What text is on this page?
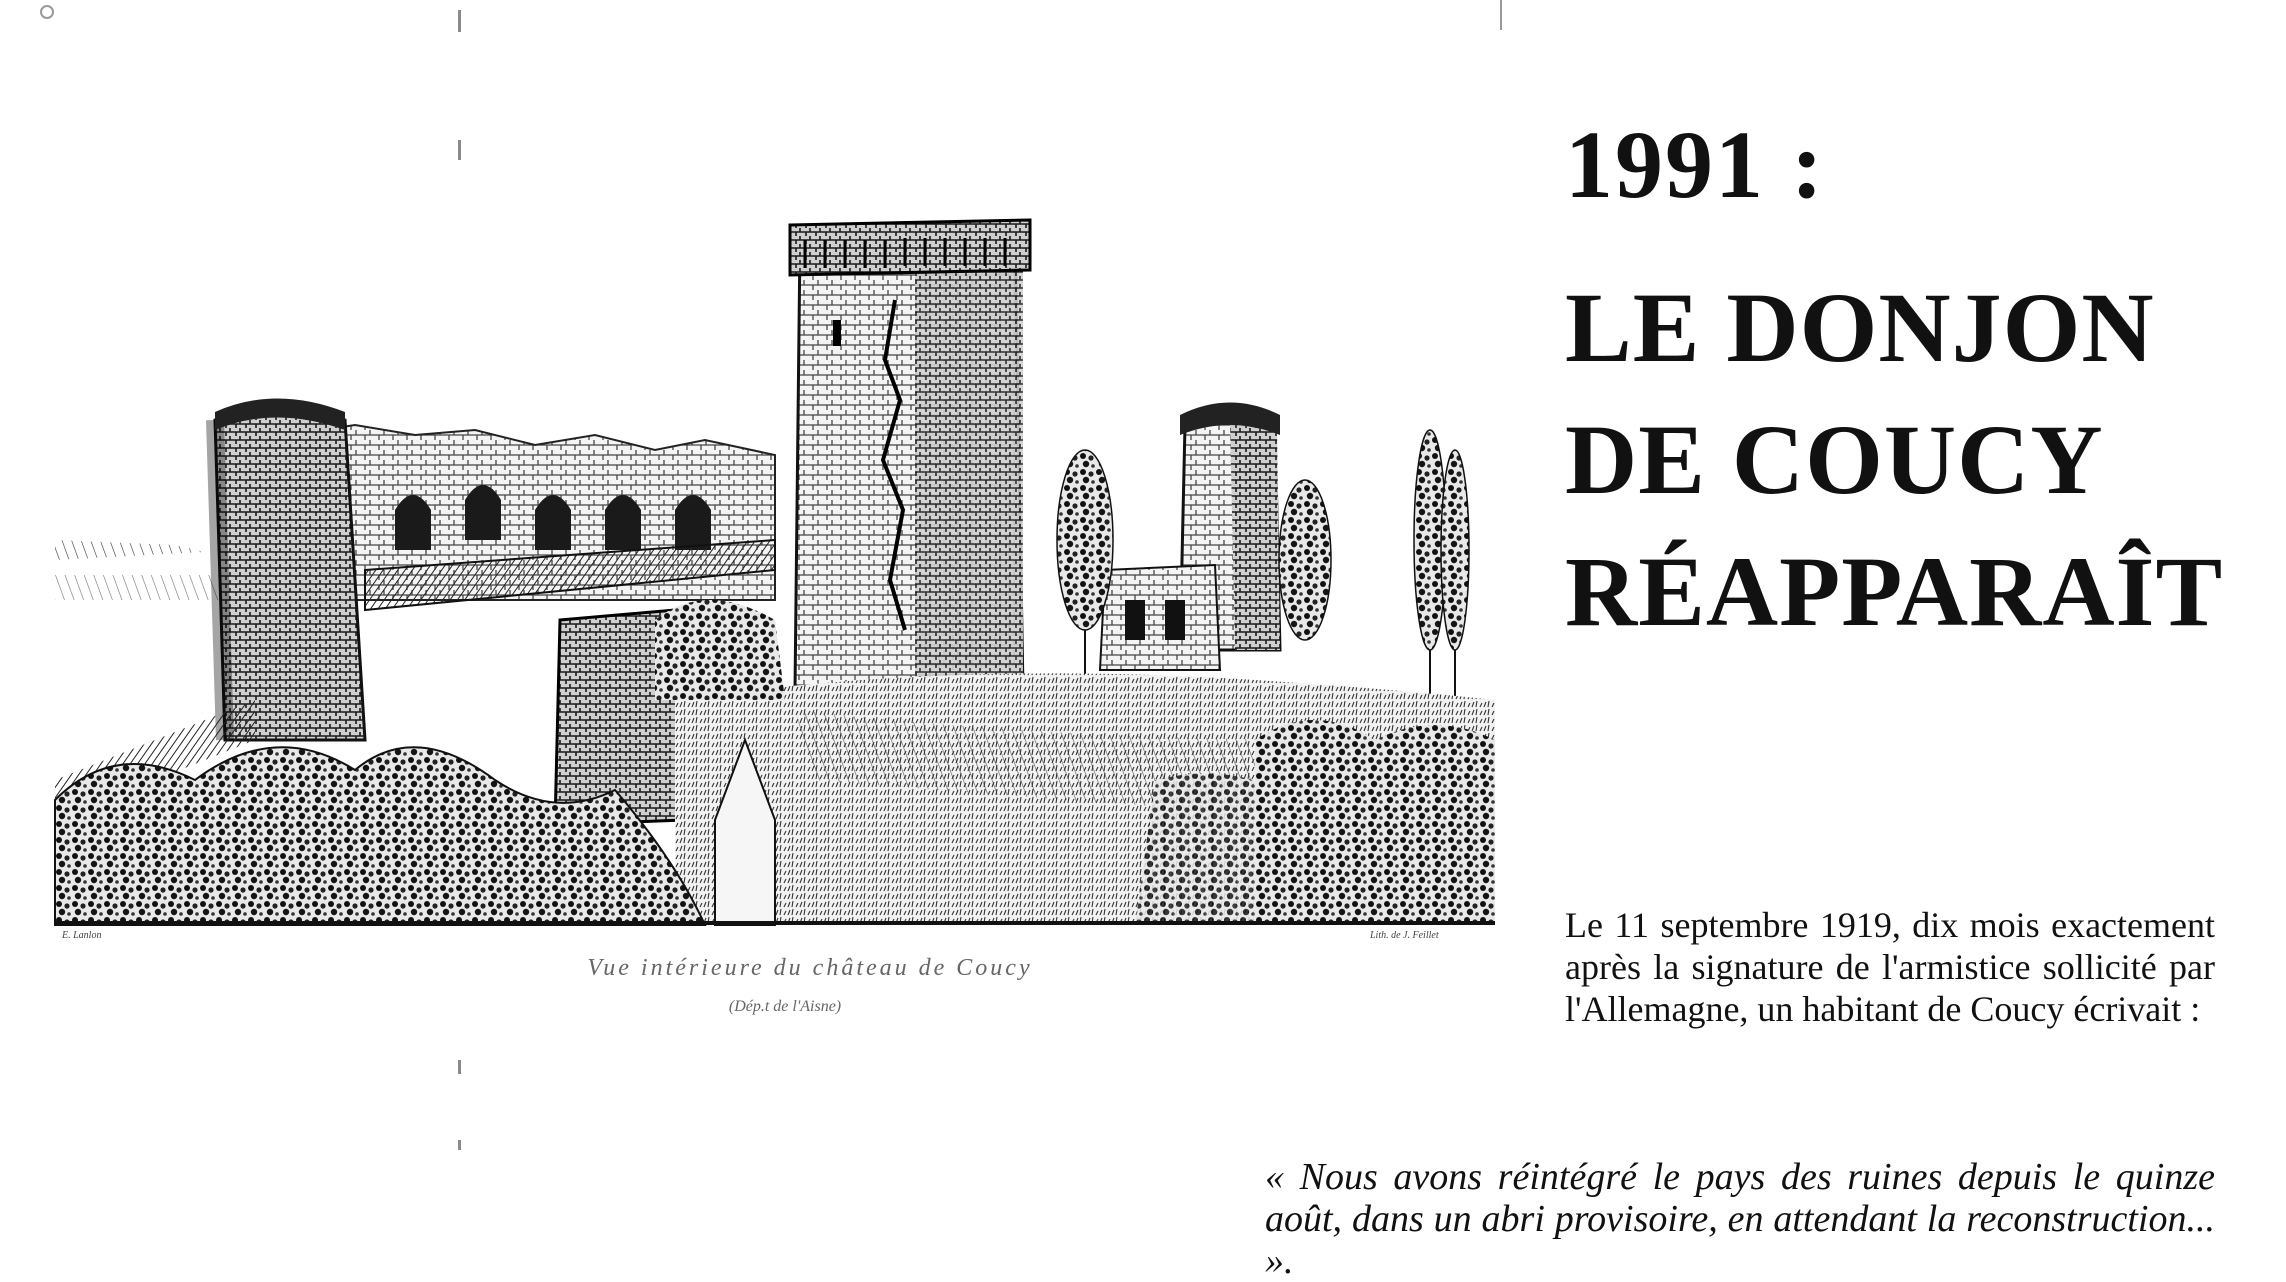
E. Lanlon	Lith. de J. Feillet
Vue intérieure du château de Coucy
(Dép.t de l'Aisne)
1991 :
LE DONJON
DE COUCY
RÉAPPARAÎT

Le 11 septembre 1919, dix mois exactement après la signature de l'armistice sollicité par l'Allemagne, un habitant de Coucy écrivait :

« Nous avons réintégré le pays des ruines depuis le quinze août, dans un abri provisoire, en attendant la reconstruction... ».
